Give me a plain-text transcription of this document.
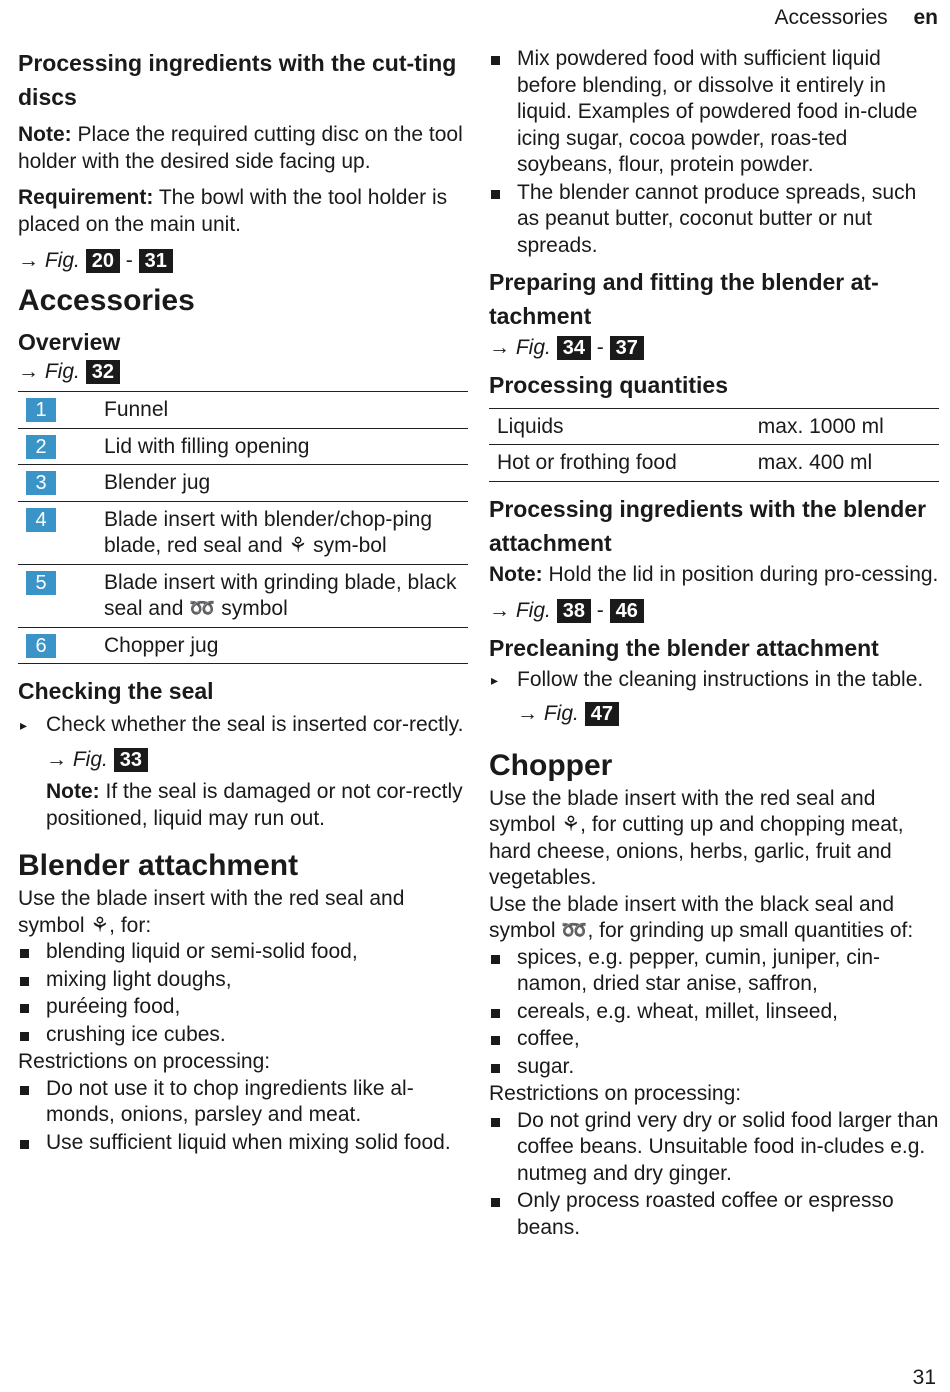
Accessories en
Processing ingredients with the cut-ting discs

Note: Place the required cutting disc on the tool holder with the desired side facing up.

Requirement: The bowl with the tool holder is placed on the main unit.

→ Fig. 20 - 31
Accessories
Overview
→ Fig. 32
1	Funnel
2	Lid with filling opening
3	Blender jug
4	Blade insert with blender/chop-ping blade, red seal and ⚘ sym-bol
5	Blade insert with grinding blade, black seal and ➿ symbol
6	Chopper jug
Checking the seal
▸ Check whether the seal is inserted cor-rectly.
→ Fig. 33

Note: If the seal is damaged or not cor-rectly positioned, liquid may run out.

Blender attachment
Use the blade insert with the red seal and symbol ⚘, for:
blending liquid or semi-solid food,
mixing light doughs,
puréeing food,
crushing ice cubes.
Restrictions on processing:
Do not use it to chop ingredients like al-monds, onions, parsley and meat.
Use sufficient liquid when mixing solid food.
Mix powdered food with sufficient liquid before blending, or dissolve it entirely in liquid. Examples of powdered food in-clude icing sugar, cocoa powder, roas-ted soybeans, flour, protein powder.
The blender cannot produce spreads, such as peanut butter, coconut butter or nut spreads.
Preparing and fitting the blender at-tachment
→ Fig. 34 - 37
Processing quantities
Liquids	max. 1000 ml
Hot or frothing food	max. 400 ml
Processing ingredients with the blender attachment

Note: Hold the lid in position during pro-cessing.

→ Fig. 38 - 46
Precleaning the blender attachment
▸ Follow the cleaning instructions in the table.
→ Fig. 47
Chopper
Use the blade insert with the red seal and symbol ⚘, for cutting up and chopping meat, hard cheese, onions, herbs, garlic, fruit and vegetables.
Use the blade insert with the black seal and symbol ➿, for grinding up small quantities of:
spices, e.g. pepper, cumin, juniper, cin-namon, dried star anise, saffron,
cereals, e.g. wheat, millet, linseed,
coffee,
sugar.
Restrictions on processing:
Do not grind very dry or solid food larger than coffee beans. Unsuitable food in-cludes e.g. nutmeg and dry ginger.
Only process roasted coffee or espresso beans.
31
